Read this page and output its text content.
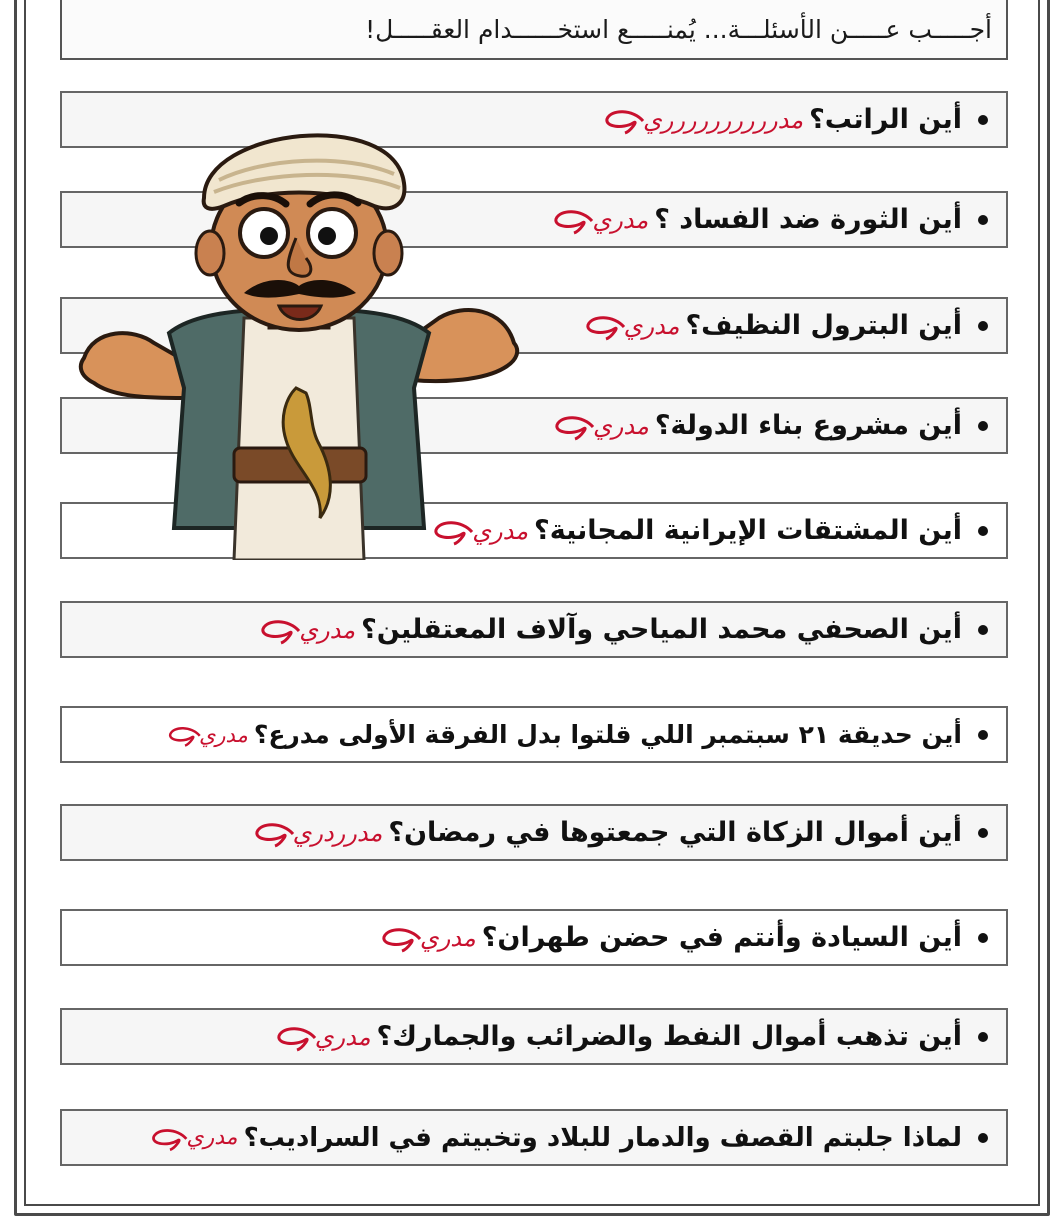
أجـــــب عـــــن الأسئلـــة... يُمنـــــع استخــــــدام العقـــــل!
أين الراتب؟
مدرررررررررري
أين الثورة ضد الفساد ؟
مدري
أين البترول النظيف؟
مدري
أين مشروع بناء الدولة؟
مدري
أين المشتقات الإيرانية المجانية؟
مدري
أين الصحفي محمد المياحي وآلاف المعتقلين؟
مدري
أين حديقة ٢١ سبتمبر اللي قلتوا بدل الفرقة الأولى مدرع؟
مدري
أين أموال الزكاة التي جمعتوها في رمضان؟
مدرردري
أين السيادة وأنتم في حضن طهران؟
مدري
أين تذهب أموال النفط والضرائب والجمارك؟
مدري
لماذا جلبتم القصف والدمار للبلاد وتخبيتم في السراديب؟
مدري
